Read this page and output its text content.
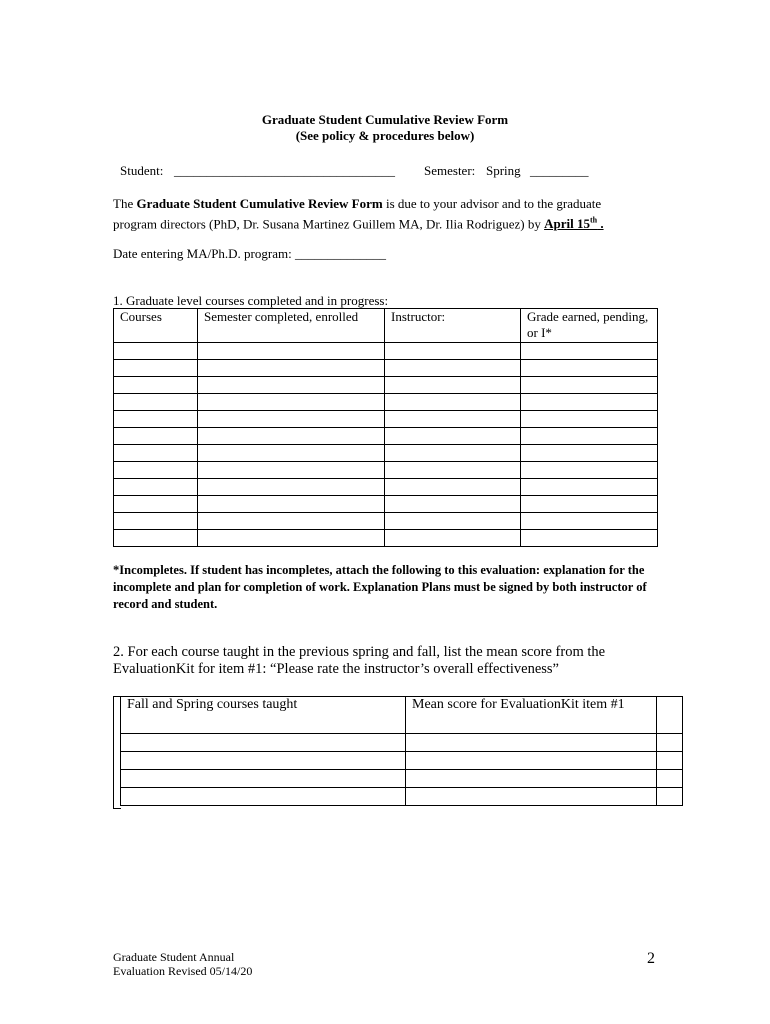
Graduate Student Cumulative Review Form
(See policy & procedures below)
Student: __________________________________ Semester: Spring _________
The Graduate Student Cumulative Review Form is due to your advisor and to the graduate
program directors (PhD, Dr. Susana Martinez Guillem MA, Dr. Ilia Rodriguez) by April 15th .
Date entering MA/Ph.D. program: ______________
1. Graduate level courses completed and in progress:
Courses	Semester completed, enrolled	Instructor:	Grade earned, pending, or I*

*Incompletes. If student has incompletes, attach the following to this evaluation: explanation for the incomplete and plan for completion of work. Explanation Plans must be signed by both instructor of record and student.
2. For each course taught in the previous spring and fall, list the mean score from the
EvaluationKit for item #1: “Please rate the instructor’s overall effectiveness”
Fall and Spring courses taught	Mean score for EvaluationKit item #1	

Graduate Student Annual
Evaluation Revised 05/14/20
2
